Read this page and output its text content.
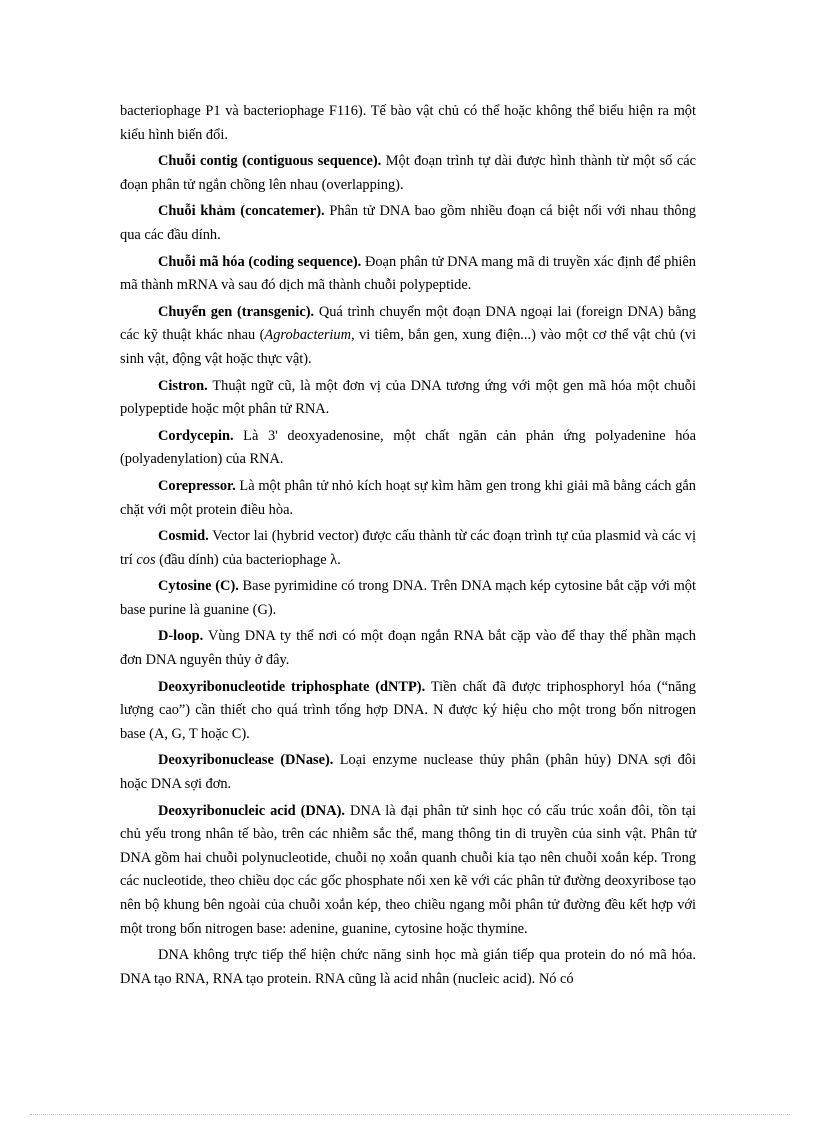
bacteriophage P1 và bacteriophage F116). Tế bào vật chủ có thể hoặc không thể biểu hiện ra một kiểu hình biến đổi.

Chuỗi contig (contiguous sequence). Một đoạn trình tự dài được hình thành từ một số các đoạn phân tử ngắn chồng lên nhau (overlapping).

Chuỗi khảm (concatemer). Phân tử DNA bao gồm nhiều đoạn cá biệt nối với nhau thông qua các đầu dính.

Chuỗi mã hóa (coding sequence). Đoạn phân tử DNA mang mã di truyền xác định để phiên mã thành mRNA và sau đó dịch mã thành chuỗi polypeptide.

Chuyển gen (transgenic). Quá trình chuyển một đoạn DNA ngoại lai (foreign DNA) bằng các kỹ thuật khác nhau (Agrobacterium, vi tiêm, bắn gen, xung điện...) vào một cơ thể vật chủ (vi sinh vật, động vật hoặc thực vật).

Cistron. Thuật ngữ cũ, là một đơn vị của DNA tương ứng với một gen mã hóa một chuỗi polypeptide hoặc một phân tử RNA.

Cordycepin. Là 3' deoxyadenosine, một chất ngăn cản phản ứng polyadenine hóa (polyadenylation) của RNA.

Corepressor. Là một phân tử nhỏ kích hoạt sự kìm hãm gen trong khi giải mã bằng cách gắn chặt với một protein điều hòa.

Cosmid. Vector lai (hybrid vector) được cấu thành từ các đoạn trình tự của plasmid và các vị trí cos (đầu dính) của bacteriophage λ.

Cytosine (C). Base pyrimidine có trong DNA. Trên DNA mạch kép cytosine bắt cặp với một base purine là guanine (G).

D-loop. Vùng DNA ty thể nơi có một đoạn ngắn RNA bắt cặp vào để thay thế phần mạch đơn DNA nguyên thủy ở đây.

Deoxyribonucleotide triphosphate (dNTP). Tiền chất đã được triphosphoryl hóa (“năng lượng cao”) cần thiết cho quá trình tổng hợp DNA. N được ký hiệu cho một trong bốn nitrogen base (A, G, T hoặc C).

Deoxyribonuclease (DNase). Loại enzyme nuclease thủy phân (phân hủy) DNA sợi đôi hoặc DNA sợi đơn.

Deoxyribonucleic acid (DNA). DNA là đại phân tử sinh học có cấu trúc xoắn đôi, tồn tại chủ yếu trong nhân tế bào, trên các nhiễm sắc thể, mang thông tin di truyền của sinh vật. Phân tử DNA gồm hai chuỗi polynucleotide, chuỗi nọ xoắn quanh chuỗi kia tạo nên chuỗi xoắn kép. Trong các nucleotide, theo chiều dọc các gốc phosphate nối xen kẽ với các phân tử đường deoxyribose tạo nên bộ khung bên ngoài của chuỗi xoắn kép, theo chiều ngang mỗi phân tử đường đều kết hợp với một trong bốn nitrogen base: adenine, guanine, cytosine hoặc thymine.

DNA không trực tiếp thể hiện chức năng sinh học mà gián tiếp qua protein do nó mã hóa. DNA tạo RNA, RNA tạo protein. RNA cũng là acid nhân (nucleic acid). Nó có
